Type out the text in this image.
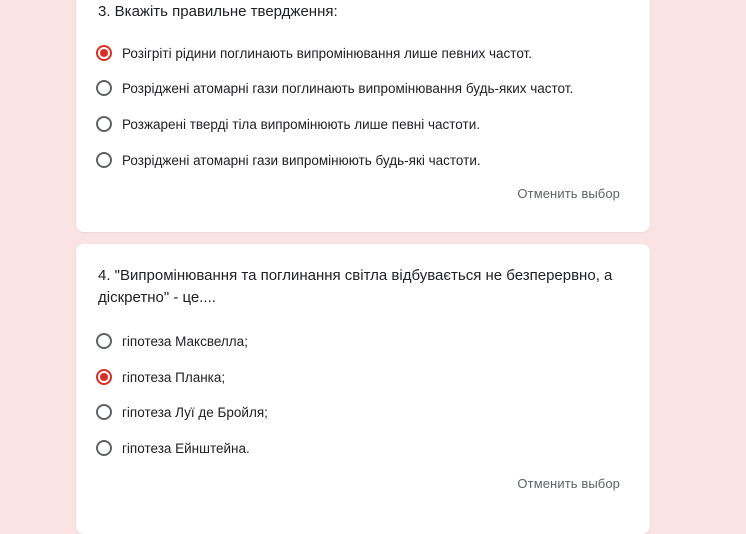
3. Вкажіть правильне твердження:
Розігріті рідини поглинають випромінювання лише певних частот.
Розріджені атомарні гази поглинають випромінювання будь-яких частот.
Розжарені тверді тіла випромінюють лише певні частоти.
Розріджені атомарні гази випромінюють будь-які частоти.
Отменить выбор
4. "Випромінювання та поглинання світла відбувається не безперервно, а дiскретно" - це....
гіпотеза Максвелла;
гіпотеза Планка;
гіпотеза Луї де Бройля;
гіпотеза Ейнштейна.
Отменить выбор
